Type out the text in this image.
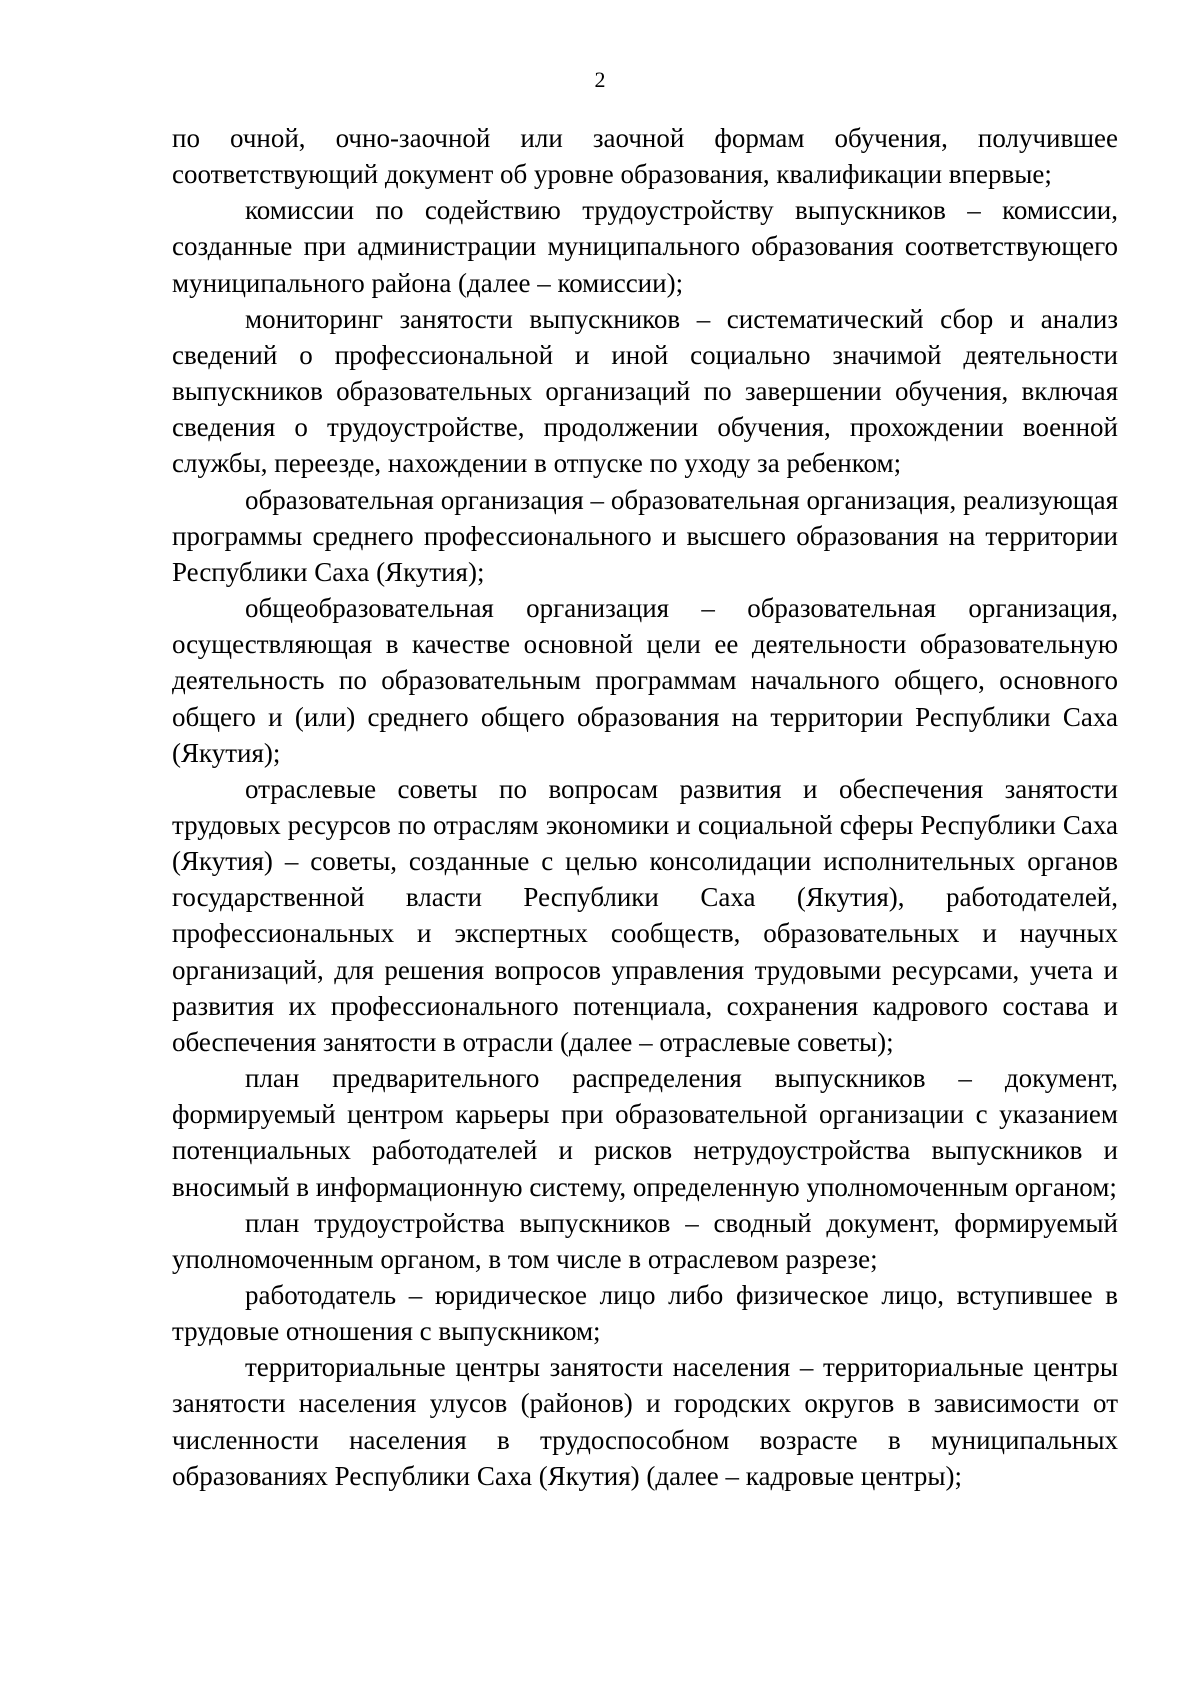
2

по очной, очно-заочной или заочной формам обучения, получившее соответствующий документ об уровне образования, квалификации впервые;

комиссии по содействию трудоустройству выпускников – комиссии, созданные при администрации муниципального образования соответствующего муниципального района (далее – комиссии);

мониторинг занятости выпускников – систематический сбор и анализ сведений о профессиональной и иной социально значимой деятельности выпускников образовательных организаций по завершении обучения, включая сведения о трудоустройстве, продолжении обучения, прохождении военной службы, переезде, нахождении в отпуске по уходу за ребенком;

образовательная организация – образовательная организация, реализующая программы среднего профессионального и высшего образования на территории Республики Саха (Якутия);

общеобразовательная организация – образовательная организация, осуществляющая в качестве основной цели ее деятельности образовательную деятельность по образовательным программам начального общего, основного общего и (или) среднего общего образования на территории Республики Саха (Якутия);

отраслевые советы по вопросам развития и обеспечения занятости трудовых ресурсов по отраслям экономики и социальной сферы Республики Саха (Якутия) – советы, созданные с целью консолидации исполнительных органов государственной власти Республики Саха (Якутия), работодателей, профессиональных и экспертных сообществ, образовательных и научных организаций, для решения вопросов управления трудовыми ресурсами, учета и развития их профессионального потенциала, сохранения кадрового состава и обеспечения занятости в отрасли (далее – отраслевые советы);

план предварительного распределения выпускников – документ, формируемый центром карьеры при образовательной организации с указанием потенциальных работодателей и рисков нетрудоустройства выпускников и вносимый в информационную систему, определенную уполномоченным органом;

план трудоустройства выпускников – сводный документ, формируемый уполномоченным органом, в том числе в отраслевом разрезе;

работодатель – юридическое лицо либо физическое лицо, вступившее в трудовые отношения с выпускником;

территориальные центры занятости населения – территориальные центры занятости населения улусов (районов) и городских округов в зависимости от численности населения в трудоспособном возрасте в муниципальных образованиях Республики Саха (Якутия) (далее – кадровые центры);
